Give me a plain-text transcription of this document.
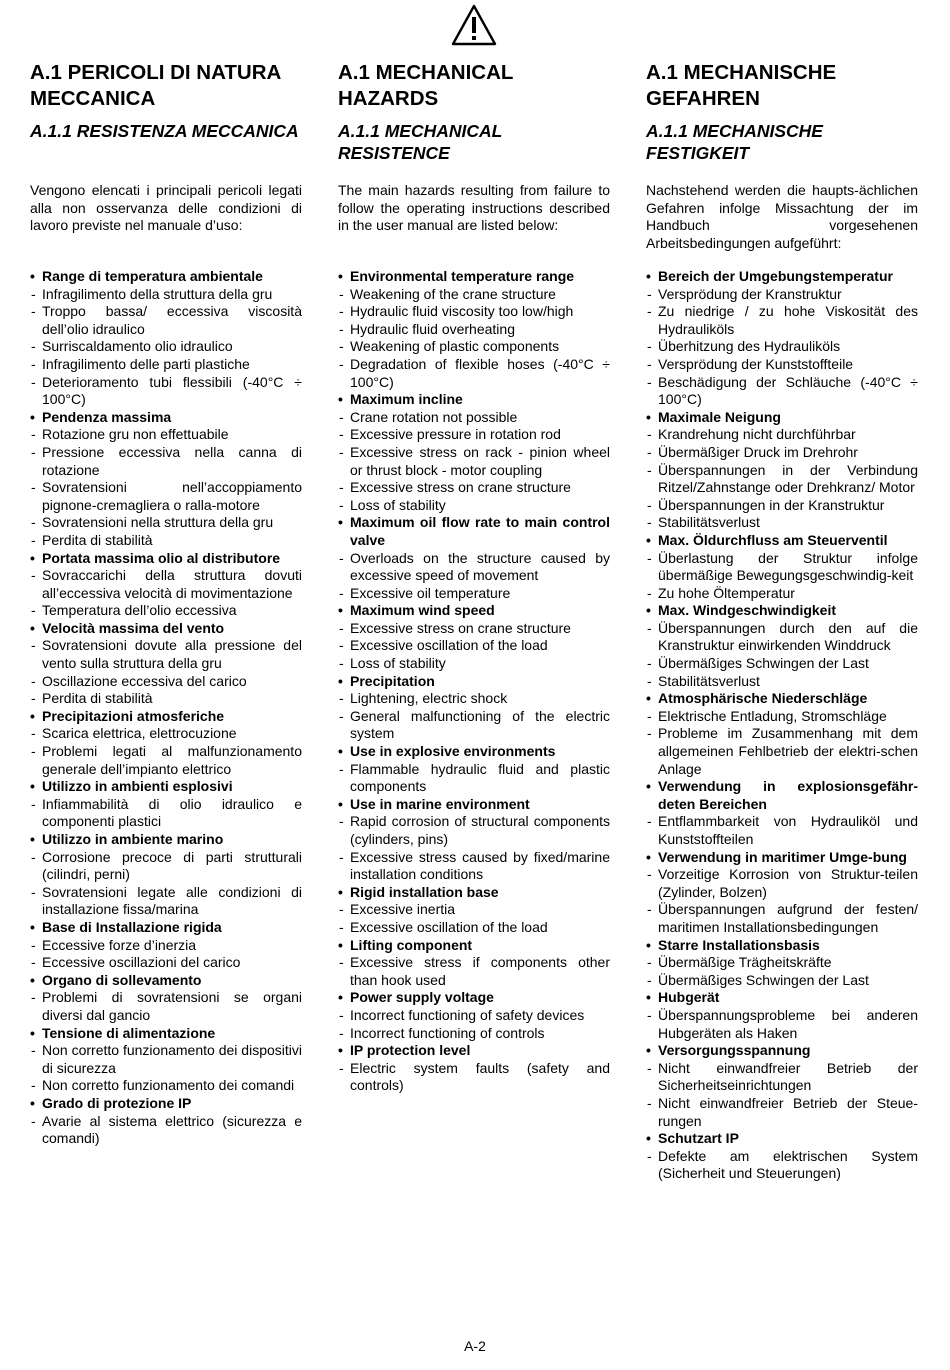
A.1 PERICOLI DI NATURA MECCANICA
A.1.1 RESISTENZA MECCANICA

Vengono elencati i principali pericoli legati alla non osservanza delle condizioni di lavoro previste nel manuale d’uso:

• Range di temperatura ambientale
- Infragilimento della struttura della gru
- Troppo bassa/ eccessiva viscosità dell’olio idraulico
- Surriscaldamento olio idraulico
- Infragilimento delle parti plastiche
- Deterioramento tubi flessibili (-40°C ÷ 100°C)
• Pendenza massima
- Rotazione gru non effettuabile
- Pressione eccessiva nella canna di rotazione
- Sovratensioni nell’accoppiamento pignone-cremagliera o ralla-motore
- Sovratensioni nella struttura della gru
- Perdita di stabilità
• Portata massima olio al distributore
- Sovraccarichi della struttura dovuti all’eccessiva velocità di movimentazione
- Temperatura dell’olio eccessiva
• Velocità massima del vento
- Sovratensioni dovute alla pressione del vento sulla struttura della gru
- Oscillazione eccessiva del carico
- Perdita di stabilità
• Precipitazioni atmosferiche
- Scarica elettrica, elettrocuzione
- Problemi legati al malfunzionamento generale dell’impianto elettrico
• Utilizzo in ambienti esplosivi
- Infiammabilità di olio idraulico e componenti plastici
• Utilizzo in ambiente marino
- Corrosione precoce di parti strutturali (cilindri, perni)
- Sovratensioni legate alle condizioni di installazione fissa/marina
• Base di Installazione rigida
- Eccessive forze d’inerzia
- Eccessive oscillazioni del carico
• Organo di sollevamento
- Problemi di sovratensioni se organi diversi dal gancio
• Tensione di alimentazione
- Non corretto funzionamento dei dispositivi di sicurezza
- Non corretto funzionamento dei comandi
• Grado di protezione IP
- Avarie al sistema elettrico (sicurezza e comandi)
A.1 MECHANICAL HAZARDS
A.1.1 MECHANICAL RESISTENCE

The main hazards resulting from failure to follow the operating instructions described in the user manual are listed below:

• Environmental temperature range
- Weakening of the crane structure
- Hydraulic fluid viscosity too low/high
- Hydraulic fluid overheating
- Weakening of plastic components
- Degradation of flexible hoses (-40°C ÷ 100°C)
• Maximum incline
- Crane rotation not possible
- Excessive pressure in rotation rod
- Excessive stress on rack - pinion wheel or thrust block - motor coupling
- Excessive stress on crane structure
- Loss of stability
• Maximum oil flow rate to main control valve
- Overloads on the structure caused by excessive speed of movement
- Excessive oil temperature
• Maximum wind speed
- Excessive stress on crane structure
- Excessive oscillation of the load
- Loss of stability
• Precipitation
- Lightening, electric shock
- General malfunctioning of the electric system
• Use in explosive environments
- Flammable hydraulic fluid and plastic components
• Use in marine environment
- Rapid corrosion of structural components (cylinders, pins)
- Excessive stress caused by fixed/marine installation conditions
• Rigid installation base
- Excessive inertia
- Excessive oscillation of the load
• Lifting component
- Excessive stress if components other than hook used
• Power supply voltage
- Incorrect functioning of safety devices
- Incorrect functioning of controls
• IP protection level
- Electric system faults (safety and controls)
A.1 MECHANISCHE GEFAHREN
A.1.1 MECHANISCHE FESTIGKEIT

Nachstehend werden die haupts-ächlichen Gefahren infolge Missachtung der im Handbuch vorgesehenen Arbeitsbedingungen aufgeführt:

• Bereich der Umgebungstemperatur
- Versprödung der Kranstruktur
- Zu niedrige / zu hohe Viskosität des Hydrauliköls
- Überhitzung des Hydrauliköls
- Versprödung der Kunststoffteile
- Beschädigung der Schläuche (-40°C ÷ 100°C)
• Maximale Neigung
- Krandrehung nicht durchführbar
- Übermäßiger Druck im Drehrohr
- Überspannungen in der Verbindung Ritzel/Zahnstange oder Drehkranz/ Motor
- Überspannungen in der Kranstruktur
- Stabilitätsverlust
• Max. Öldurchfluss am Steuerventil
- Überlastung der Struktur infolge übermäßige Bewegungsgeschwindig-keit
- Zu hohe Öltemperatur
• Max. Windgeschwindigkeit
- Überspannungen durch den auf die Kranstruktur einwirkenden Winddruck
- Übermäßiges Schwingen der Last
- Stabilitätsverlust
• Atmosphärische Niederschläge
- Elektrische Entladung, Stromschläge
- Probleme im Zusammenhang mit dem allgemeinen Fehlbetrieb der elektri-schen Anlage
• Verwendung in explosionsgefähr-deten Bereichen
- Entflammbarkeit von Hydrauliköl und Kunststoffteilen
• Verwendung in maritimer Umge-bung
- Vorzeitige Korrosion von Struktur-teilen (Zylinder, Bolzen)
- Überspannungen aufgrund der festen/ maritimen Installationsbedingungen
• Starre Installationsbasis
- Übermäßige Trägheitskräfte
- Übermäßiges Schwingen der Last
• Hubgerät
- Überspannungsprobleme bei anderen Hubgeräten als Haken
• Versorgungsspannung
- Nicht einwandfreier Betrieb der Sicherheitseinrichtungen
- Nicht einwandfreier Betrieb der Steue-rungen
• Schutzart IP
- Defekte am elektrischen System (Sicherheit und Steuerungen)
A-2
